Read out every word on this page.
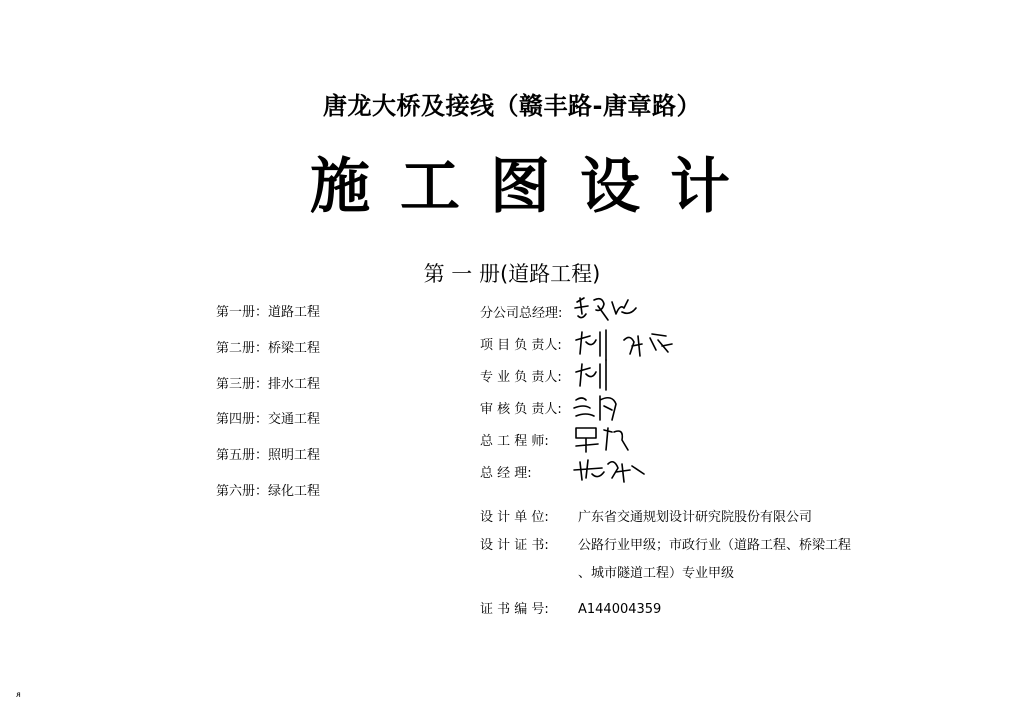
唐龙大桥及接线（赣丰路-唐章路）
施工图设计
第 一 册(道路工程)
第一册：道路工程
第二册：桥梁工程
第三册：排水工程
第四册：交通工程
第五册：照明工程
第六册：绿化工程
分公司总经理:
项 目 负 责人:
专 业 负 责人:
审 核 负 责人:
总 工 程 师:
总 经 理:
设 计 单 位: 广东省交通规划设计研究院股份有限公司
设 计 证 书: 公路行业甲级；市政行业（道路工程、桥梁工程
、城市隧道工程）专业甲级
证 书 编 号: A144004359
ᴙ
